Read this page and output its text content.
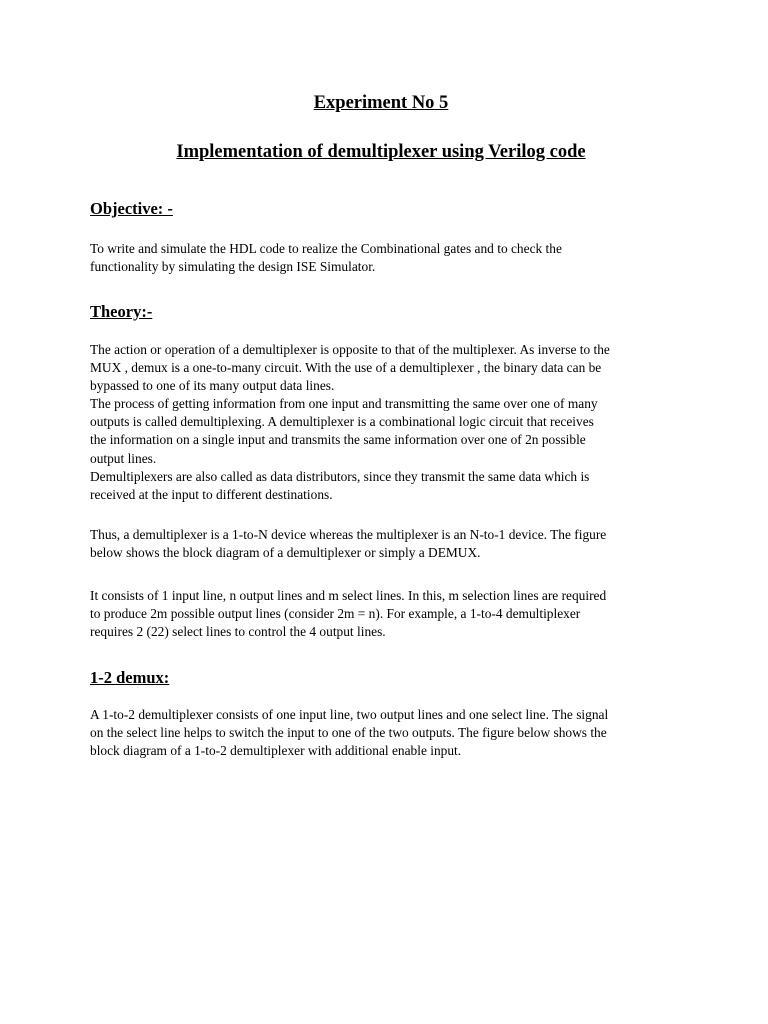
Experiment No 5
Implementation of demultiplexer using Verilog code
Objective: -

To write and simulate the HDL code to realize the Combinational gates and to check the
functionality by simulating the design ISE Simulator.

Theory:-

The action or operation of a demultiplexer is opposite to that of the multiplexer. As inverse to the
MUX , demux is a one-to-many circuit. With the use of a demultiplexer , the binary data can be
bypassed to one of its many output data lines.
The process of getting information from one input and transmitting the same over one of many
outputs is called demultiplexing. A demultiplexer is a combinational logic circuit that receives
the information on a single input and transmits the same information over one of 2n possible
output lines.
Demultiplexers are also called as data distributors, since they transmit the same data which is
received at the input to different destinations.

Thus, a demultiplexer is a 1-to-N device whereas the multiplexer is an N-to-1 device. The figure
below shows the block diagram of a demultiplexer or simply a DEMUX.

It consists of 1 input line, n output lines and m select lines. In this, m selection lines are required
to produce 2m possible output lines (consider 2m = n). For example, a 1-to-4 demultiplexer
requires 2 (22) select lines to control the 4 output lines.

1-2 demux:

A 1-to-2 demultiplexer consists of one input line, two output lines and one select line. The signal
on the select line helps to switch the input to one of the two outputs. The figure below shows the
block diagram of a 1-to-2 demultiplexer with additional enable input.
